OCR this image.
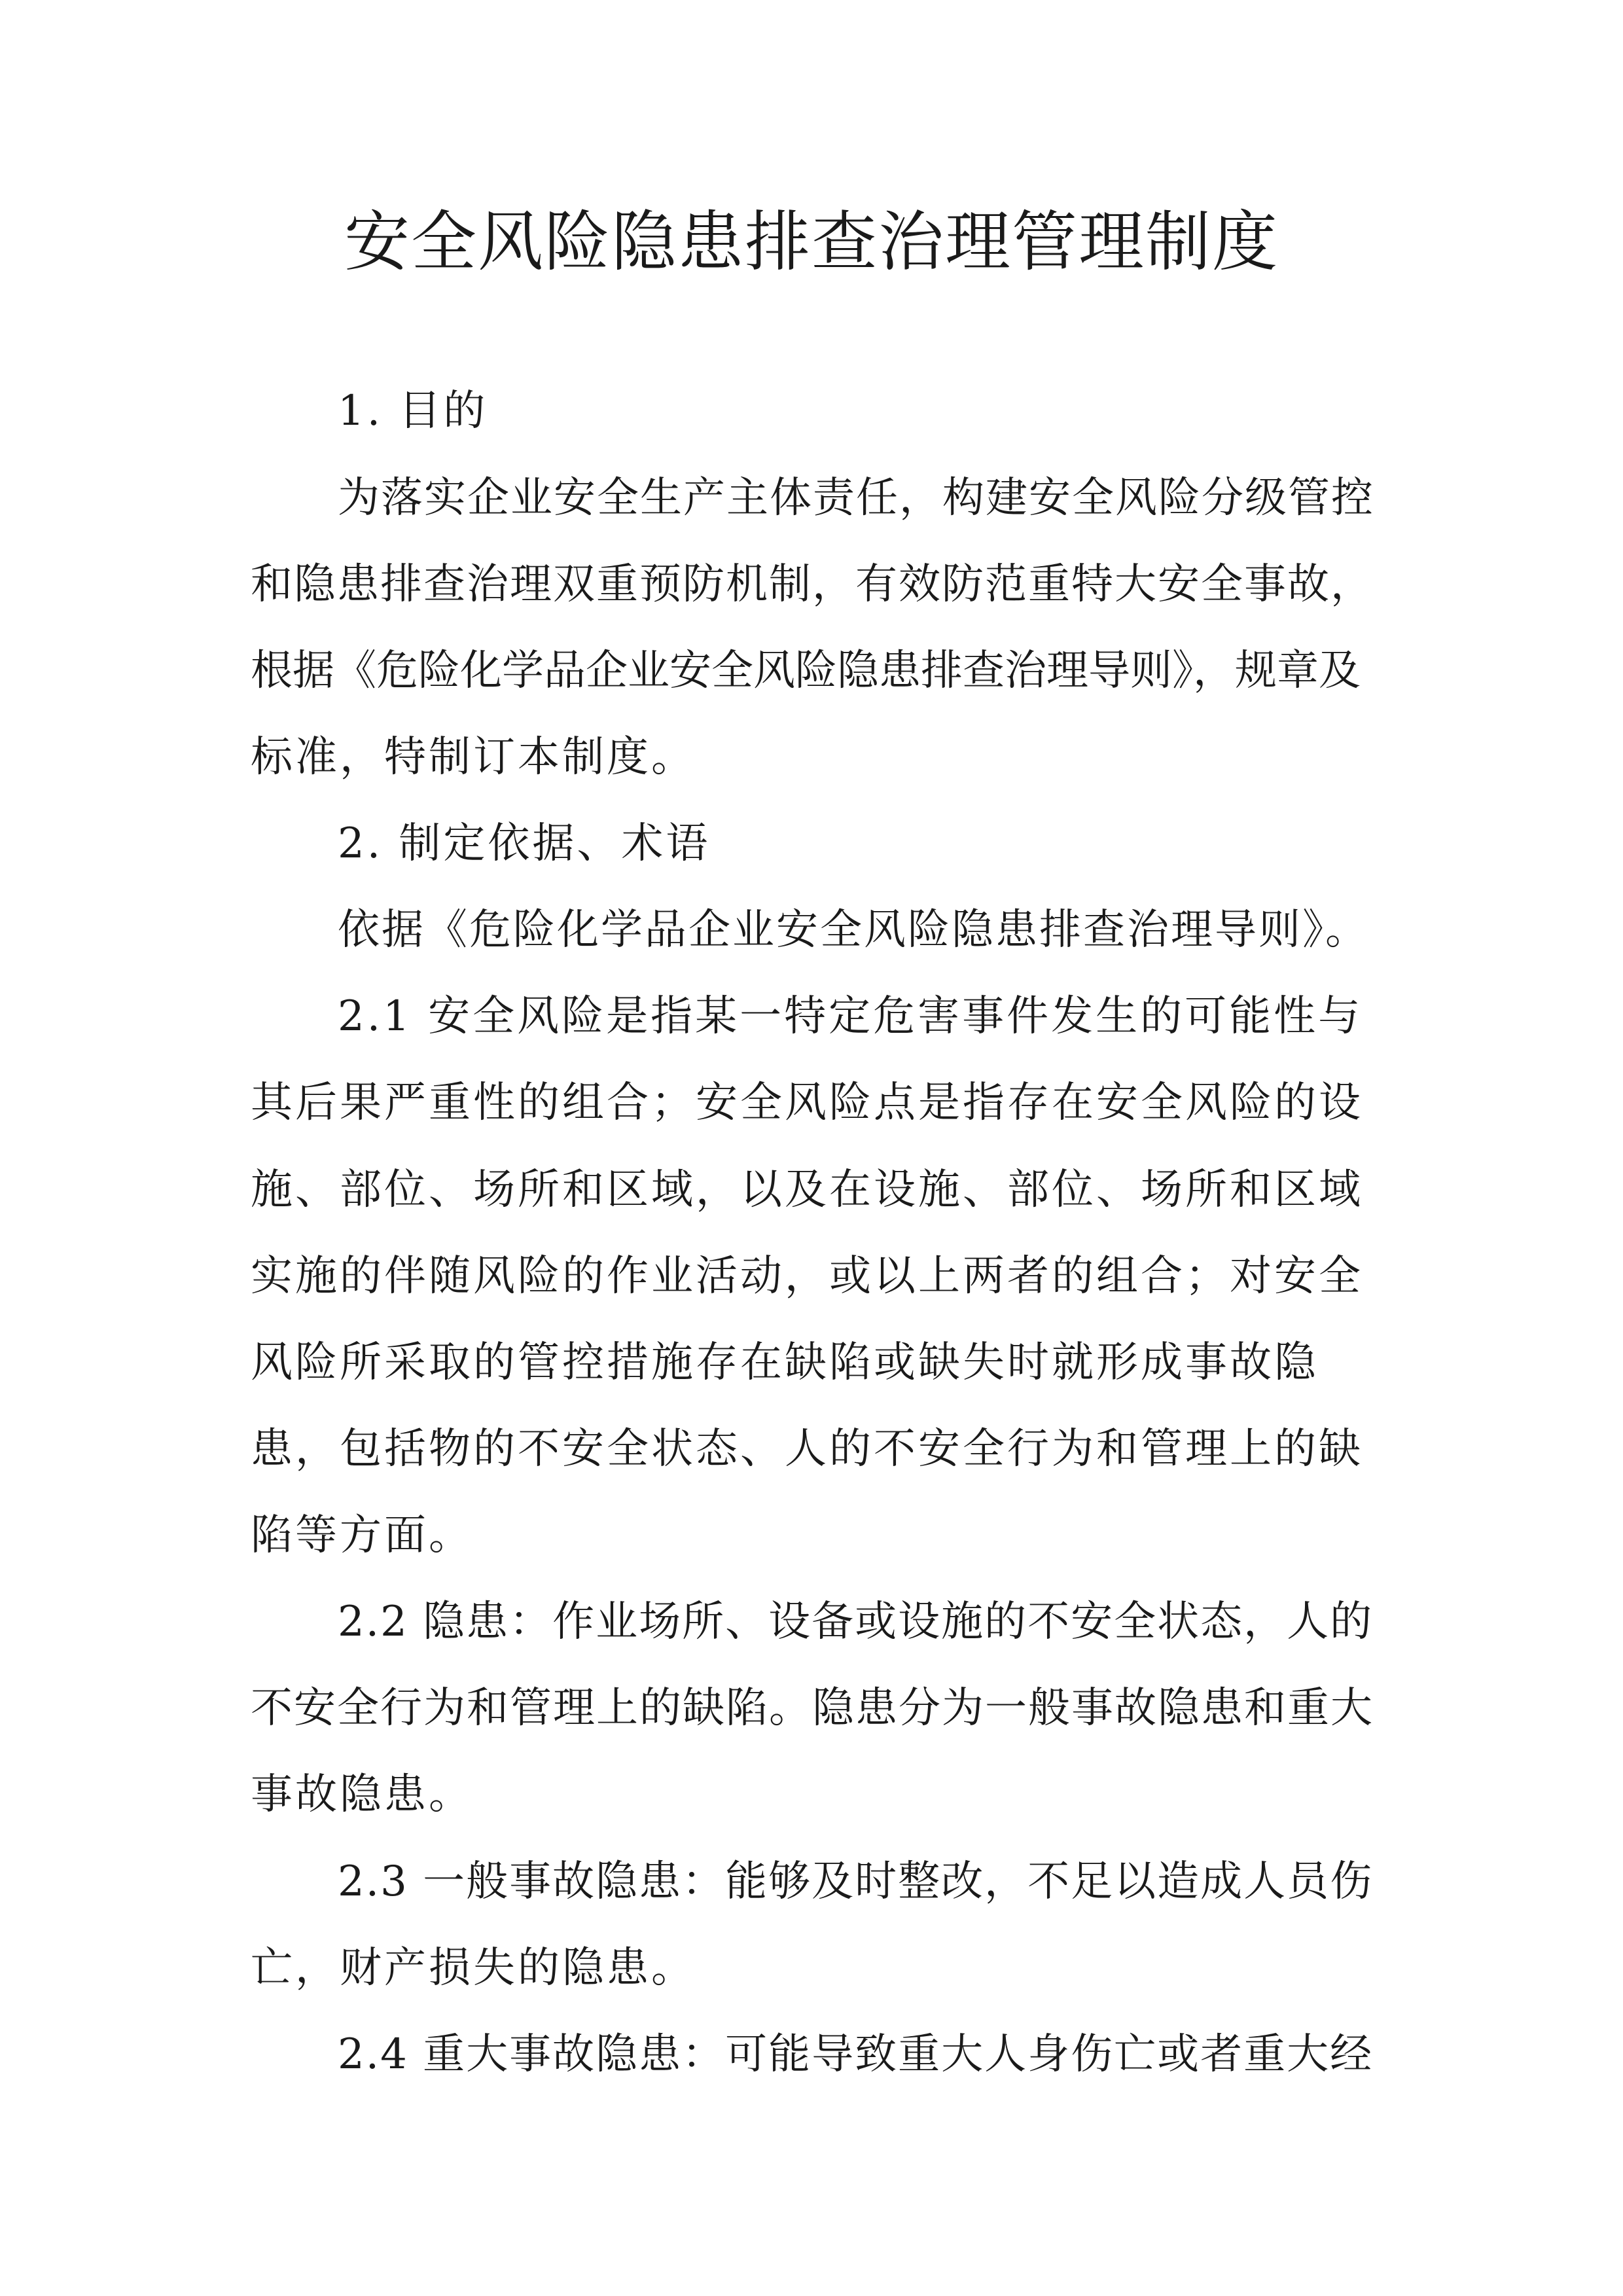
安全风险隐患排查治理管理制度
1. 目的
为落实企业安全生产主体责任，构建安全风险分级管控
和隐患排查治理双重预防机制，有效防范重特大安全事故，
根据《危险化学品企业安全风险隐患排查治理导则》，规章及
标准，特制订本制度。
2. 制定依据、术语
依据《危险化学品企业安全风险隐患排查治理导则》。
2.1 安全风险是指某一特定危害事件发生的可能性与
其后果严重性的组合；安全风险点是指存在安全风险的设
施、部位、场所和区域，以及在设施、部位、场所和区域
实施的伴随风险的作业活动，或以上两者的组合；对安全
风险所采取的管控措施存在缺陷或缺失时就形成事故隐
患，包括物的不安全状态、人的不安全行为和管理上的缺
陷等方面。
2.2 隐患：作业场所、设备或设施的不安全状态，人的
不安全行为和管理上的缺陷。隐患分为一般事故隐患和重大
事故隐患。
2.3 一般事故隐患：能够及时整改，不足以造成人员伤
亡，财产损失的隐患。
2.4 重大事故隐患：可能导致重大人身伤亡或者重大经
